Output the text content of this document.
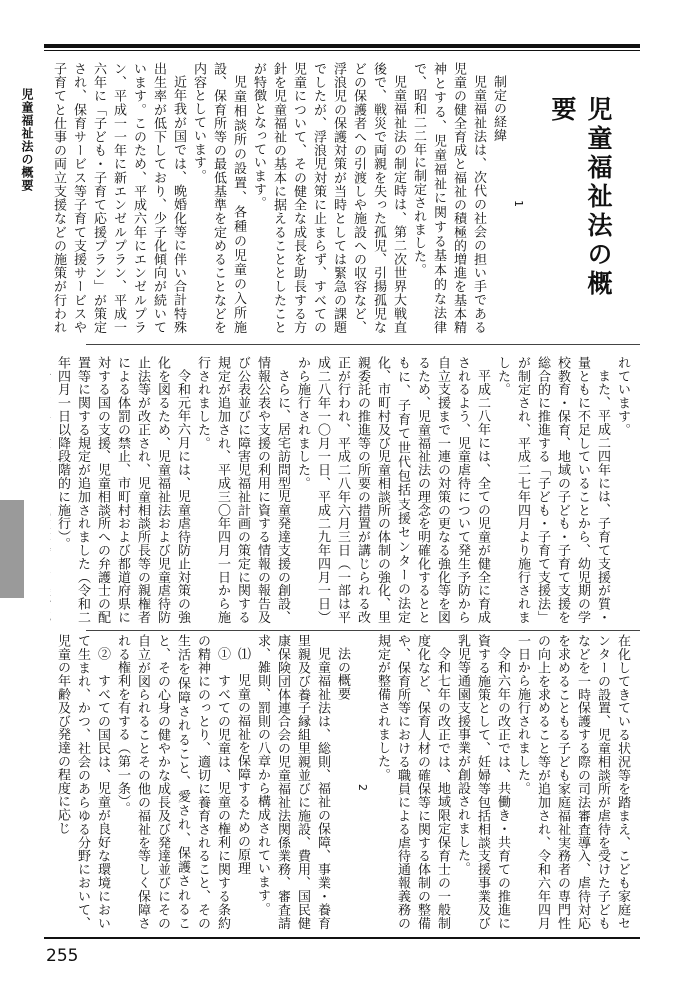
児童福祉法の概要	児童福祉法の概要

1

制定の経緯

児童福祉法は、次代の社会の担い手である児童の健全育成と福祉の積極的増進を基本精神とする、児童福祉に関する基本的な法律で、昭和二二年に制定されました。

児童福祉法の制定時は、第二次世界大戦直後で、戦災で両親を失った孤児、引揚孤児などの保護者への引渡しや施設への収容など、浮浪児の保護対策が当時としては緊急の課題でしたが、浮浪児対策に止まらず、すべての児童について、その健全な成長を助長する方針を児童福祉の基本に据えることとしたことが特徴となっています。

児童相談所の設置、各種の児童の入所施設、保育所等の最低基準を定めることなどを内容としています。

近年我が国では、晩婚化等に伴い合計特殊出生率が低下しており、少子化傾向が続いています。このため、平成六年にエンゼルプラン、平成一一年に新エンゼルプラン、平成一六年に「子ども・子育て応援プラン」が策定され、保育サービス等子育て支援サービスや子育てと仕事の両立支援などの施策が行われ

れています。

また、平成二四年には、子育て支援が質・量ともに不足していることから、幼児期の学校教育・保育、地域の子ども・子育て支援を総合的に推進する「子ども・子育て支援法」が制定され、平成二七年四月より施行されました。

平成二八年には、全ての児童が健全に育成されるよう、児童虐待について発生予防から自立支援まで一連の対策の更なる強化等を図るため、児童福祉法の理念を明確化するとともに、子育て世代包括支援センターの法定化、市町村及び児童相談所の体制の強化、里親委託の推進等の所要の措置が講じられる改正が行われ、平成二八年六月三日（一部は平成二八年一〇月一日、平成二九年四月一日）から施行されました。

さらに、居宅訪問型児童発達支援の創設、情報公表や支援の利用に資する情報の報告及び公表並びに障害児福祉計画の策定に関する規定が追加され、平成三〇年四月一日から施行されました。

令和元年六月には、児童虐待防止対策の強化を図るため、児童福祉法および児童虐待防止法等が改正され、児童相談所長等の親権者による体罰の禁止、市町村および都道府県に対する国の支援、児童相談所への弁護士の配置等に関する規定が追加されました（令和二年四月一日以降段階的に施行）。

在化してきている状況等を踏まえ、こども家庭センターの設置、児童相談所が虐待を受けた子どもなどを一時保護する際の司法審査導入、虐待対応を求めることもる子ども家庭福祉実務者の専門性の向上を求めること等が追加され、令和六年四月一日から施行されました。

令和六年の改正では、共働き・共育ての推進に資する施策として、妊婦等包括相談支援事業及び乳児等通園支援事業が創設されました。

令和七年の改正では、地域限定保育士の一般制度化など、保育人材の確保等に関する体制の整備や、保育所等における職員による虐待通報義務の規定が整備されました。

2

法の概要

児童福祉法は、総則、福祉の保障、事業・養育里親及び養子縁組里親並びに施設、費用、国民健康保険団体連合会の児童福祉法関係業務、審査請求、雑則、罰則の八章から構成されています。

⑴　児童の福祉を保障するための原理

①　すべての児童は、児童の権利に関する条約の精神にのっとり、適切に養育されること、その生活を保障されること、愛され、保護されること、その心身の健やかな成長及び発達並びにその自立が図られることその他の福祉を等しく保障される権利を有する（第一条）。

②　すべての国民は、児童が良好な環境において生まれ、かつ、社会のあらゆる分野において、児童の年齢及び発達の程度に応じ

255
